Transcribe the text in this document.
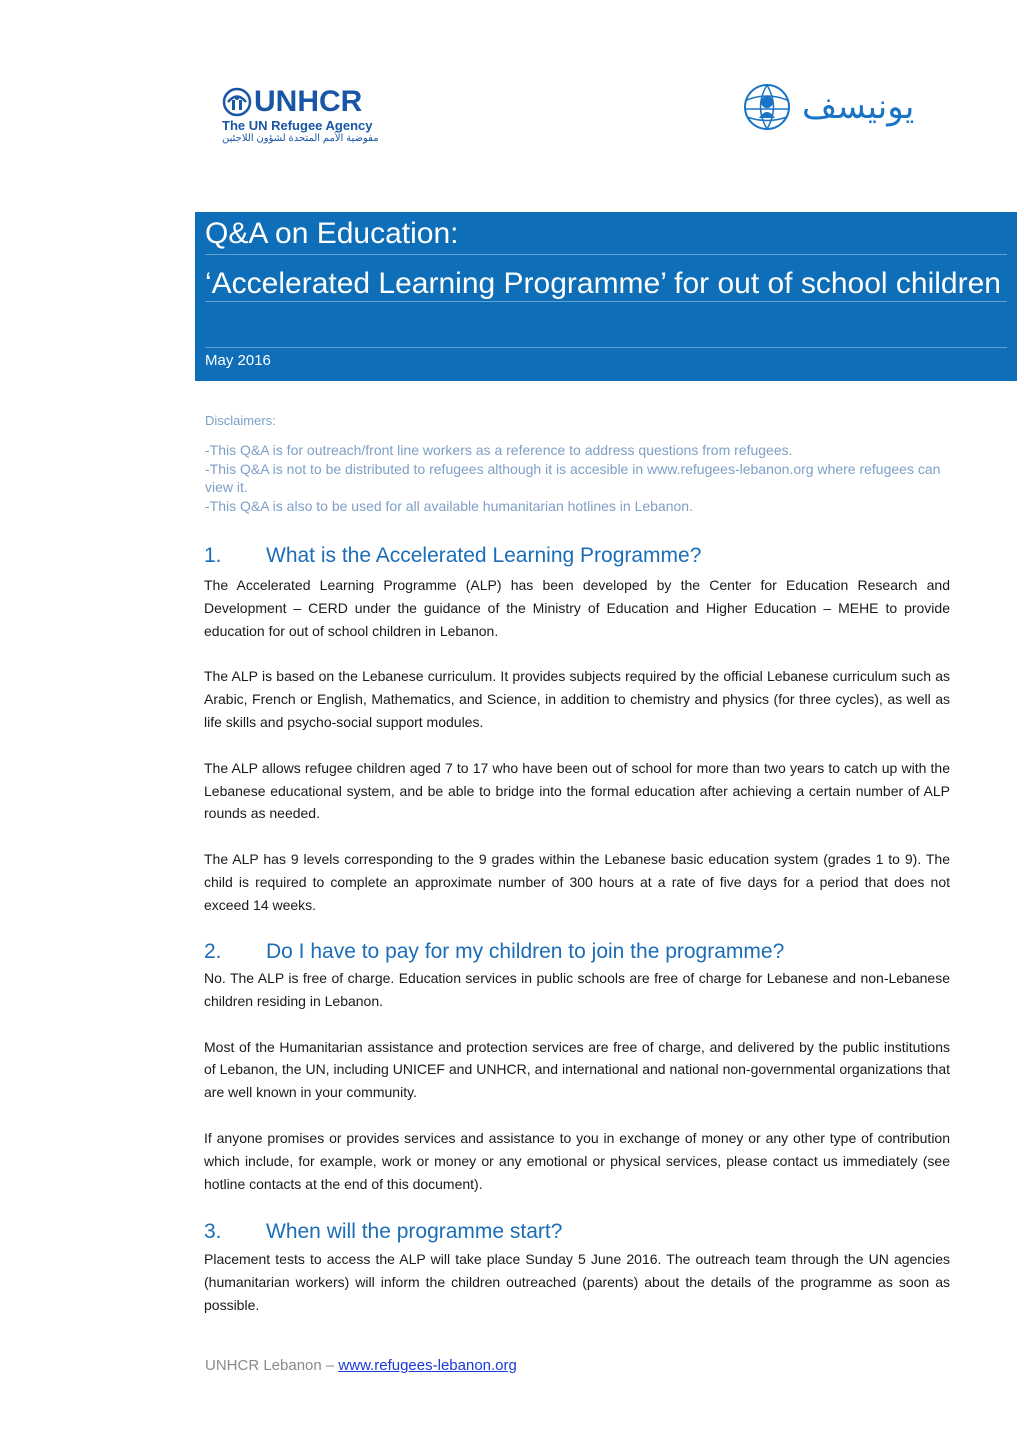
UNHCR
The UN Refugee Agency
مفوضية الأمم المتحدة لشؤون اللاجئين
يونيسف
Q&A on Education:
‘Accelerated Learning Programme’ for out of school children
May 2016
Disclaimers:
-This Q&A is for outreach/front line workers as a reference to address questions from refugees.
-This Q&A is not to be distributed to refugees although it is accesible in www.refugees-lebanon.org where refugees can view it.
-This Q&A is also to be used for all available humanitarian hotlines in Lebanon.
1.	What is the Accelerated Learning Programme?

The Accelerated Learning Programme (ALP) has been developed by the Center for Education Research and Development – CERD under the guidance of the Ministry of Education and Higher Education – MEHE to provide education for out of school children in Lebanon.

The ALP is based on the Lebanese curriculum. It provides subjects required by the official Lebanese curriculum such as Arabic, French or English, Mathematics, and Science, in addition to chemistry and physics (for three cycles), as well as life skills and psycho-social support modules.

The ALP allows refugee children aged 7 to 17 who have been out of school for more than two years to catch up with the Lebanese educational system, and be able to bridge into the formal education after achieving a certain number of ALP rounds as needed.

The ALP has 9 levels corresponding to the 9 grades within the Lebanese basic education system (grades 1 to 9). The child is required to complete an approximate number of 300 hours at a rate of five days for a period that does not exceed 14 weeks.

2.	Do I have to pay for my children to join the programme?

No. The ALP is free of charge. Education services in public schools are free of charge for Lebanese and non-Lebanese children residing in Lebanon.

Most of the Humanitarian assistance and protection services are free of charge, and delivered by the public institutions of Lebanon, the UN, including UNICEF and UNHCR, and international and national non-governmental organizations that are well known in your community.

If anyone promises or provides services and assistance to you in exchange of money or any other type of contribution which include, for example, work or money or any emotional or physical services, please contact us immediately (see hotline contacts at the end of this document).

3.	When will the programme start?

Placement tests to access the ALP will take place Sunday 5 June 2016. The outreach team through the UN agencies (humanitarian workers) will inform the children outreached (parents) about the details of the programme as soon as possible.

UNHCR Lebanon – www.refugees-lebanon.org
